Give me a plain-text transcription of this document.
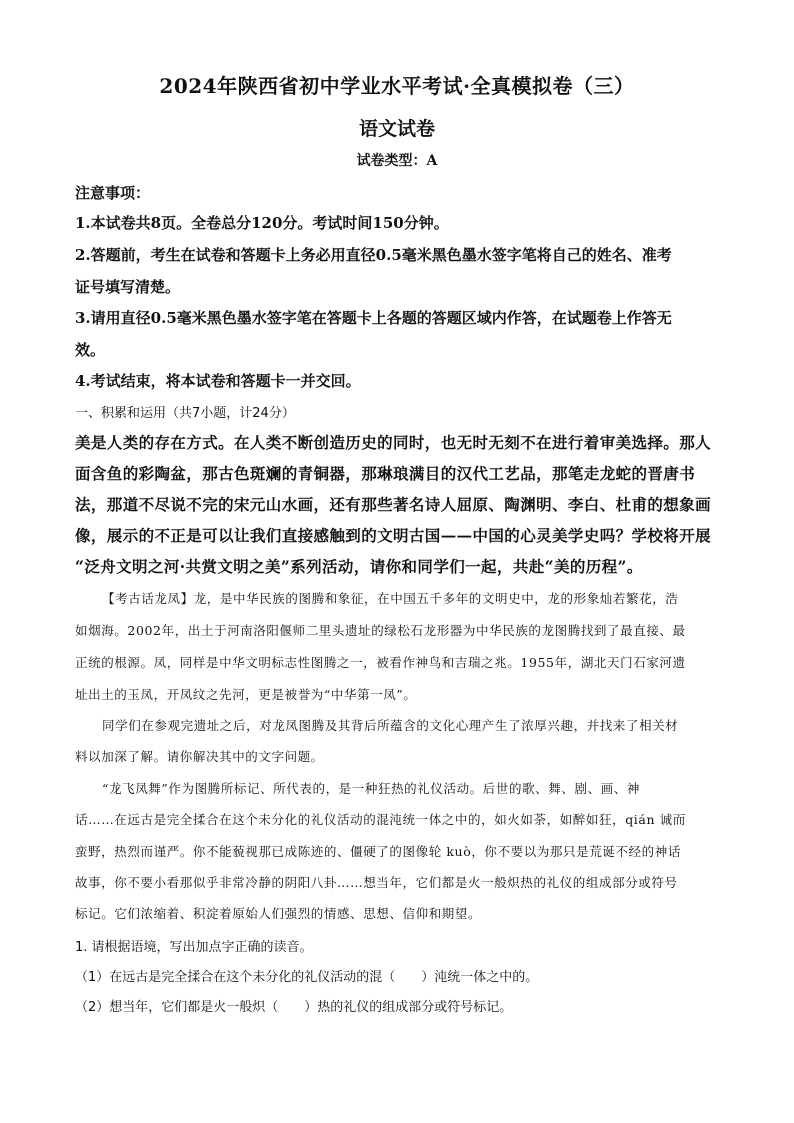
2024年陕西省初中学业水平考试·全真模拟卷（三）
语文试卷
试卷类型：A
注意事项：
1.本试卷共8页。全卷总分120分。考试时间150分钟。
2.答题前，考生在试卷和答题卡上务必用直径0.5毫米黑色墨水签字笔将自己的姓名、准考
证号填写清楚。
3.请用直径0.5毫米黑色墨水签字笔在答题卡上各题的答题区域内作答，在试题卷上作答无
效。
4.考试结束，将本试卷和答题卡一并交回。
一、积累和运用（共7小题，计24分）
美是人类的存在方式。在人类不断创造历史的同时，也无时无刻不在进行着审美选择。那人
面含鱼的彩陶盆，那古色斑斓的青铜器，那琳琅满目的汉代工艺品，那笔走龙蛇的晋唐书
法，那道不尽说不完的宋元山水画，还有那些著名诗人屈原、陶渊明、李白、杜甫的想象画
像，展示的不正是可以让我们直接感触到的文明古国——中国的心灵美学史吗？学校将开展
“泛舟文明之河·共赏文明之美”系列活动，请你和同学们一起，共赴“美的历程”。
【考古话龙凤】龙，是中华民族的图腾和象征，在中国五千多年的文明史中，龙的形象灿若繁花，浩
如烟海。2002年，出土于河南洛阳偃师二里头遗址的绿松石龙形器为中华民族的龙图腾找到了最直接、最
正统的根源。凤，同样是中华文明标志性图腾之一，被看作神鸟和吉瑞之兆。1955年，湖北天门石家河遗
址出土的玉凤，开凤纹之先河，更是被誉为“中华第一凤”。
同学们在参观完遗址之后，对龙凤图腾及其背后所蕴含的文化心理产生了浓厚兴趣，并找来了相关材
料以加深了解。请你解决其中的文字问题。
“龙飞凤舞”作为图腾所标记、所代表的，是一种狂热的礼仪活动。后世的歌、舞、剧、画、神
话……在远古是完全揉合在这个未分化的礼仪活动的混沌统一体之中的，如火如荼，如醉如狂，qián 诚而
蛮野，热烈而谨严。你不能藐视那已成陈迹的、僵硬了的图像轮 kuò，你不要以为那只是荒诞不经的神话
故事，你不要小看那似乎非常冷静的阴阳八卦……想当年，它们都是火一般炽热的礼仪的组成部分或符号
标记。它们浓缩着、积淀着原始人们强烈的情感、思想、信仰和期望。
1. 请根据语境，写出加点字正确的读音。
（1）在远古是完全揉合在这个未分化的礼仪活动的混（　　）沌统一体之中的。
（2）想当年，它们都是火一般炽（　　）热的礼仪的组成部分或符号标记。
